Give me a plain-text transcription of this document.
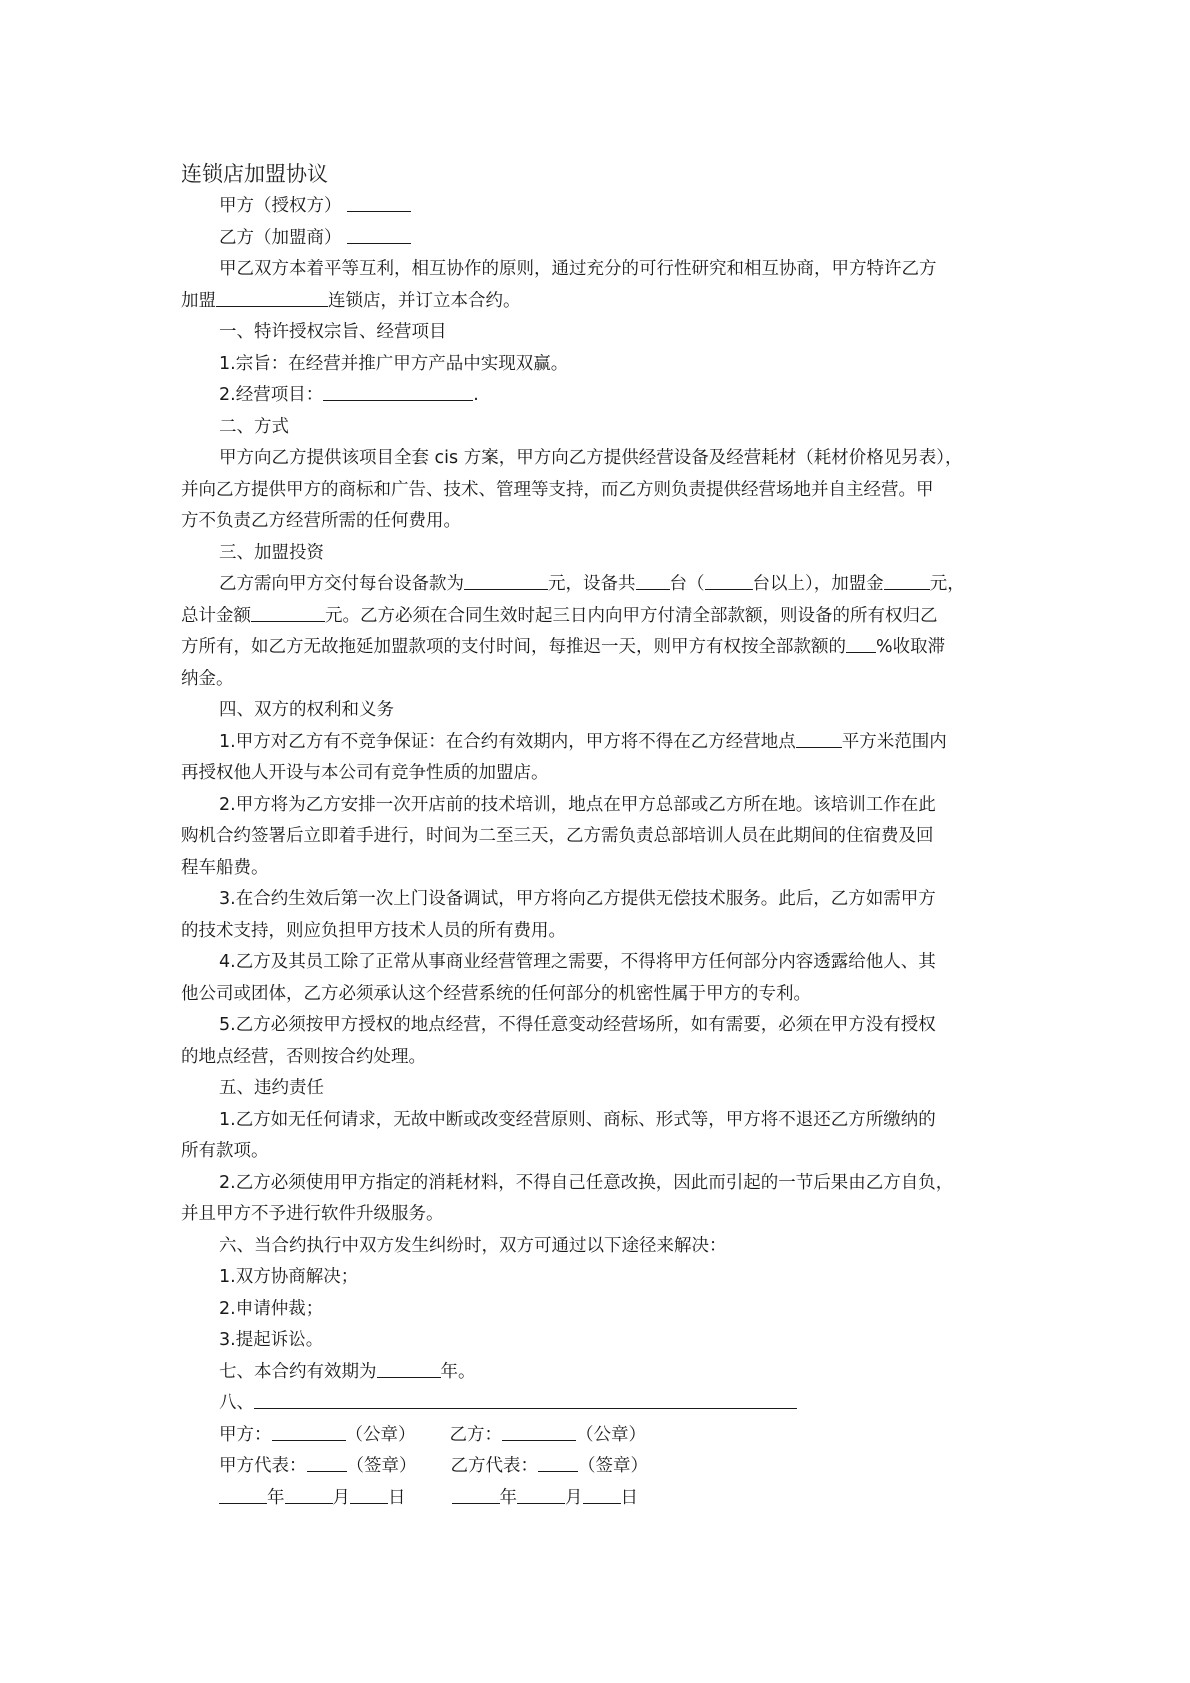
连锁店加盟协议
甲方（授权方）
乙方（加盟商）
甲乙双方本着平等互利，相互协作的原则，通过充分的可行性研究和相互协商，甲方特许乙方
加盟	连锁店，并订立本合约。
一、特许授权宗旨、经营项目
1.宗旨：在经营并推广甲方产品中实现双赢。
2.经营项目：	.
二、方式
甲方向乙方提供该项目全套 cis 方案，甲方向乙方提供经营设备及经营耗材（耗材价格见另表），
并向乙方提供甲方的商标和广告、技术、管理等支持，而乙方则负责提供经营场地并自主经营。甲
方不负责乙方经营所需的任何费用。
三、加盟投资
乙方需向甲方交付每台设备款为	元，设备共 台（	台以上），加盟金	元，
总计金额	元。乙方必须在合同生效时起三日内向甲方付清全部款额，则设备的所有权归乙
方所有，如乙方无故拖延加盟款项的支付时间，每推迟一天，则甲方有权按全部款额的 %收取滞
纳金。
四、双方的权利和义务
1.甲方对乙方有不竞争保证：在合约有效期内，甲方将不得在乙方经营地点	平方米范围内
再授权他人开设与本公司有竞争性质的加盟店。
2.甲方将为乙方安排一次开店前的技术培训，地点在甲方总部或乙方所在地。该培训工作在此
购机合约签署后立即着手进行，时间为二至三天，乙方需负责总部培训人员在此期间的住宿费及回
程车船费。
3.在合约生效后第一次上门设备调试，甲方将向乙方提供无偿技术服务。此后，乙方如需甲方
的技术支持，则应负担甲方技术人员的所有费用。
4.乙方及其员工除了正常从事商业经营管理之需要，不得将甲方任何部分内容透露给他人、其
他公司或团体，乙方必须承认这个经营系统的任何部分的机密性属于甲方的专利。
5.乙方必须按甲方授权的地点经营，不得任意变动经营场所，如有需要，必须在甲方没有授权
的地点经营，否则按合约处理。
五、违约责任
1.乙方如无任何请求，无故中断或改变经营原则、商标、形式等，甲方将不退还乙方所缴纳的
所有款项。
2.乙方必须使用甲方指定的消耗材料，不得自己任意改换，因此而引起的一节后果由乙方自负，
并且甲方不予进行软件升级服务。
六、当合约执行中双方发生纠纷时，双方可通过以下途径来解决：
1.双方协商解决；
2.申请仲裁；
3.提起诉讼。
七、本合约有效期为	年。
八、
甲方：	（公章） 乙方：	（公章）
甲方代表： （签章） 乙方代表： （签章）
年	月 日	年	月 日
